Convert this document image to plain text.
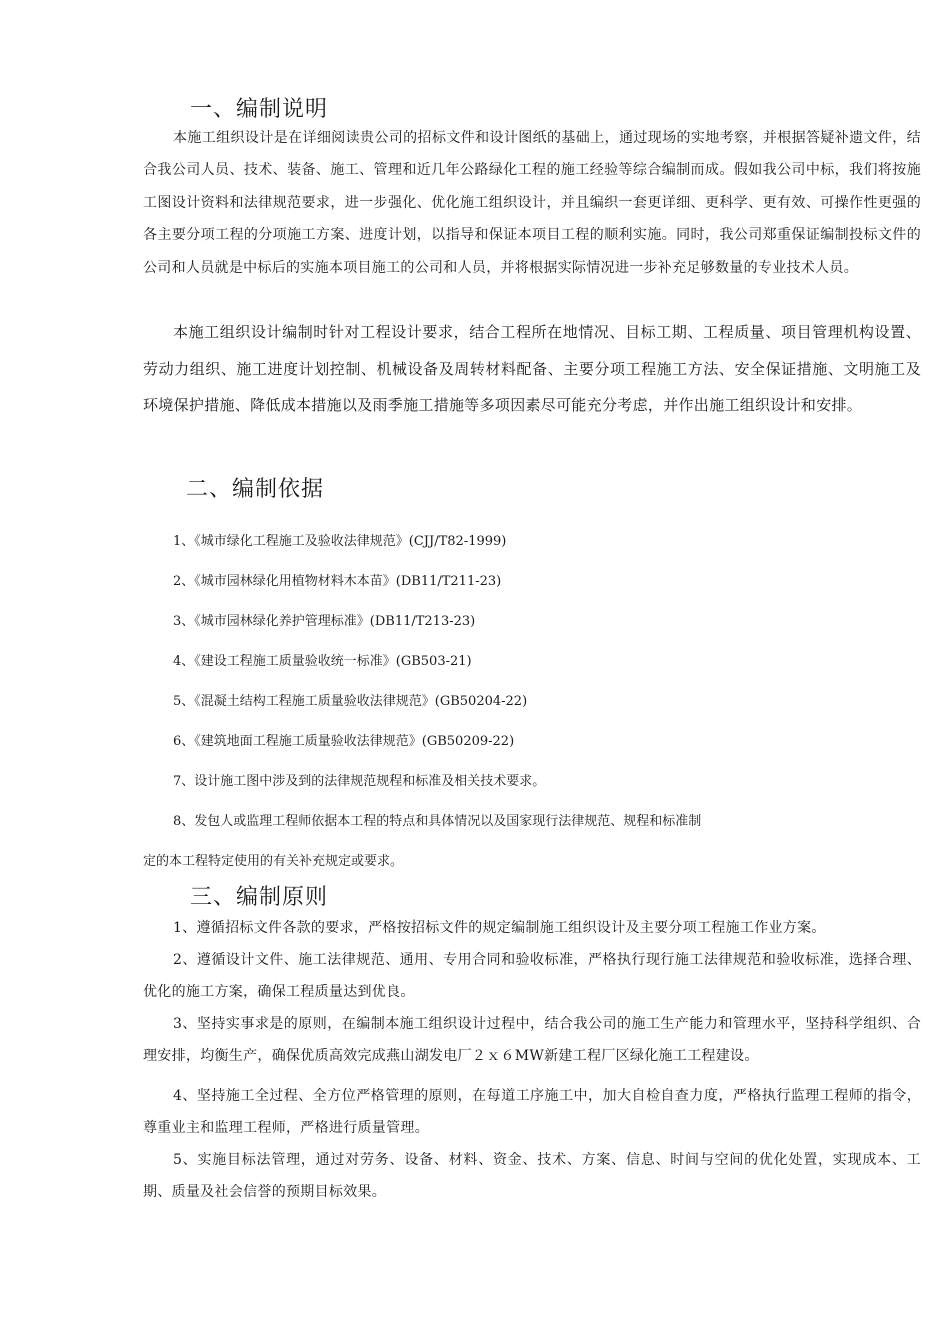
一、编制说明

本施工组织设计是在详细阅读贵公司的招标文件和设计图纸的基础上，通过现场的实地考察，并根据答疑补遗文件，结合我公司人员、技术、装备、施工、管理和近几年公路绿化工程的施工经验等综合编制而成。假如我公司中标，我们将按施工图设计资料和法律规范要求，进一步强化、优化施工组织设计，并且编织一套更详细、更科学、更有效、可操作性更强的各主要分项工程的分项施工方案、进度计划，以指导和保证本项目工程的顺利实施。同时，我公司郑重保证编制投标文件的公司和人员就是中标后的实施本项目施工的公司和人员，并将根据实际情况进一步补充足够数量的专业技术人员。

本施工组织设计编制时针对工程设计要求，结合工程所在地情况、目标工期、工程质量、项目管理机构设置、劳动力组织、施工进度计划控制、机械设备及周转材料配备、主要分项工程施工方法、安全保证措施、文明施工及环境保护措施、降低成本措施以及雨季施工措施等多项因素尽可能充分考虑，并作出施工组织设计和安排。

二、编制依据

1、《城市绿化工程施工及验收法律规范》(CJJ/T82-1999)

2、《城市园林绿化用植物材料木本苗》(DB11/T211-23)

3、《城市园林绿化养护管理标准》(DB11/T213-23)

4、《建设工程施工质量验收统一标准》(GB503-21)

5、《混凝土结构工程施工质量验收法律规范》(GB50204-22)

6、《建筑地面工程施工质量验收法律规范》(GB50209-22)

7、设计施工图中涉及到的法律规范规程和标准及相关技术要求。

8、发包人或监理工程师依据本工程的特点和具体情况以及国家现行法律规范、规程和标准制

定的本工程特定使用的有关补充规定或要求。

三、编制原则

1、遵循招标文件各款的要求，严格按招标文件的规定编制施工组织设计及主要分项工程施工作业方案。

2、遵循设计文件、施工法律规范、通用、专用合同和验收标准，严格执行现行施工法律规范和验收标准，选择合理、优化的施工方案，确保工程质量达到优良。

3、坚持实事求是的原则，在编制本施工组织设计过程中，结合我公司的施工生产能力和管理水平，坚持科学组织、合理安排，均衡生产，确保优质高效完成燕山湖发电厂２ｘ６MW新建工程厂区绿化施工工程建设。

4、坚持施工全过程、全方位严格管理的原则，在每道工序施工中，加大自检自查力度，严格执行监理工程师的指令，尊重业主和监理工程师，严格进行质量管理。

5、实施目标法管理，通过对劳务、设备、材料、资金、技术、方案、信息、时间与空间的优化处置，实现成本、工期、质量及社会信誉的预期目标效果。
